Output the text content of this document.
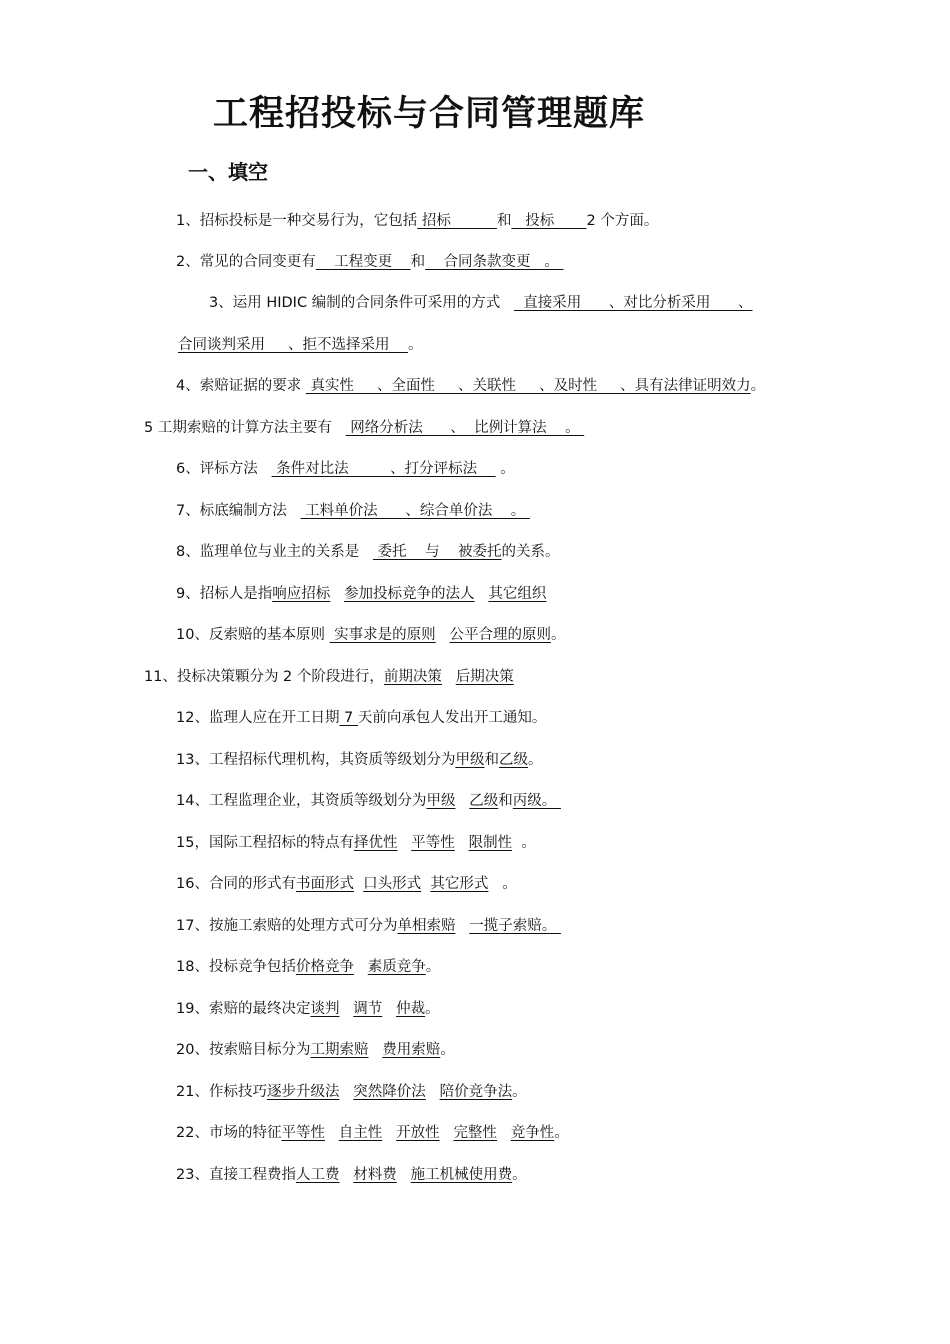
工程招投标与合同管理题库
一、填空

1、招标投标是一种交易行为，它包括 招标          和   投标       2 个方面。

2、常见的合同变更有    工程变更    和    合同条款变更   。

3、运用 HIDIC 编制的合同条件可采用的方式     直接采用      、对比分析采用      、

合同谈判采用     、拒不选择采用    。

4、索赔证据的要求  真实性     、全面性     、关联性     、及时性     、具有法律证明效力。

5 工期索赔的计算方法主要有    网络分析法      、  比例计算法    。

6、评标方法    条件对比法         、打分评标法     。

7、标底编制方法    工料单价法      、综合单价法    。

8、监理单位与业主的关系是    委托    与    被委托的关系。

9、招标人是指响应招标 参加投标竞争的法人 其它组织

10、反索赔的基本原则  实事求是的原则 公平合理的原则。

11、投标决策顆分为 2 个阶段进行，前期决策 后期决策

12、监理人应在开工日期 7 天前向承包人发出开工通知。

13、工程招标代理机构，其资质等级划分为甲级和乙级。

14、工程监理企业，其资质等级划分为甲级 乙级和丙级。

15，国际工程招标的特点有择优性 平等性 限制性  。

16、合同的形式有书面形式 口头形式 其它形式   。

17、按施工索赔的处理方式可分为单相索赔 一揽子索赔。

18、投标竞争包括价格竞争 素质竞争。

19、索赔的最终决定谈判 调节 仲裁。

20、按索赔目标分为工期索赔 费用索赔。

21、作标技巧逐步升级法 突然降价法 陪价竞争法。

22、市场的特征平等性 自主性 开放性 完整性 竞争性。

23、直接工程费指人工费 材料费 施工机械使用费。
